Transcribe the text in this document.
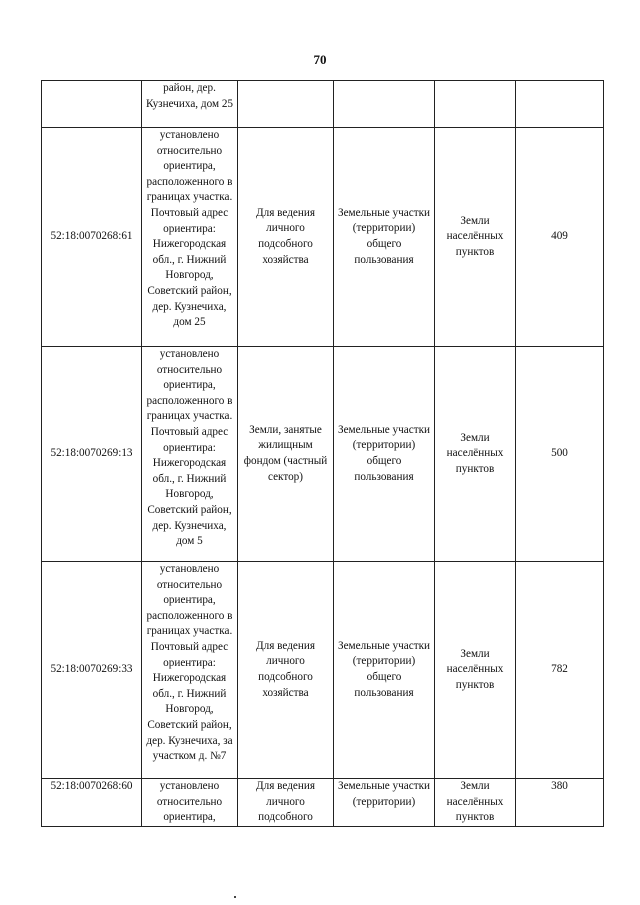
70
	район, дер. Кузнечиха, дом 25				
52:18:0070268:61	установлено относительно ориентира, расположенного в границах участка. Почтовый адрес ориентира: Нижегородская обл., г. Нижний Новгород, Советский район, дер. Кузнечиха, дом 25	Для ведения личного подсобного хозяйства	Земельные участки (территории) общего пользования	Земли населённых пунктов	409
52:18:0070269:13	установлено относительно ориентира, расположенного в границах участка. Почтовый адрес ориентира: Нижегородская обл., г. Нижний Новгород, Советский район, дер. Кузнечиха, дом 5	Земли, занятые жилищным фондом (частный сектор)	Земельные участки (территории) общего пользования	Земли населённых пунктов	500
52:18:0070269:33	установлено относительно ориентира, расположенного в границах участка. Почтовый адрес ориентира: Нижегородская обл., г. Нижний Новгород, Советский район, дер. Кузнечиха, за участком д. №7	Для ведения личного подсобного хозяйства	Земельные участки (территории) общего пользования	Земли населённых пунктов	782
52:18:0070268:60	установлено относительно ориентира,	Для ведения личного подсобного	Земельные участки (территории)	Земли населённых пунктов	380
